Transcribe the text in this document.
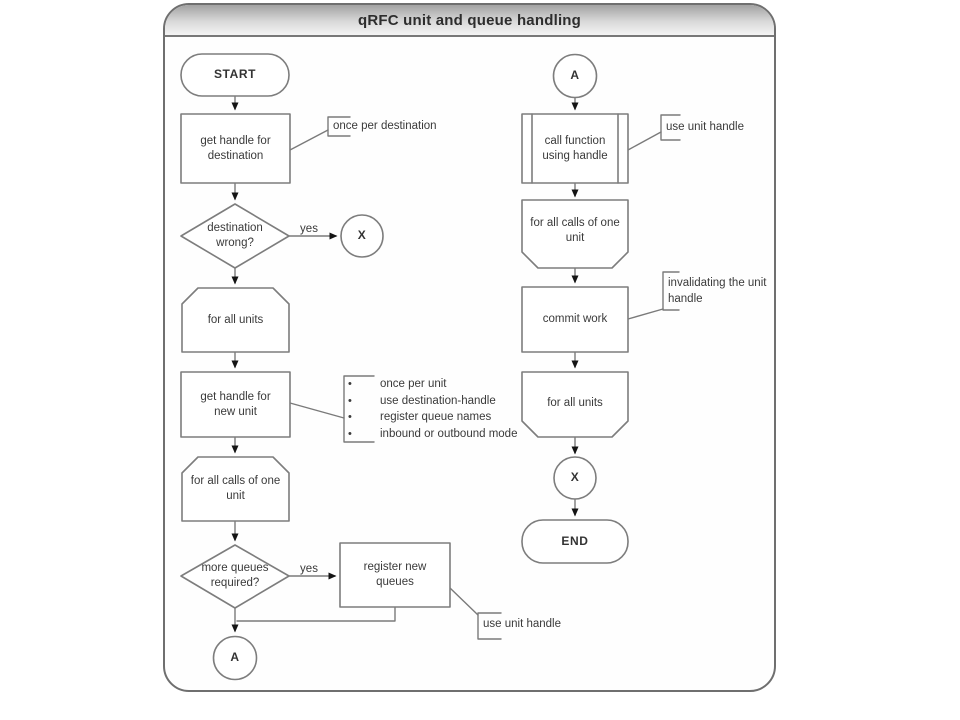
qRFC unit and queue handling
START
get handle for destination
destination wrong?
yes	X
for all units
get handle for new unit
for all calls of one unit
more queues required?
yes	register new queues
A
A
call function using handle
for all calls of one unit
commit work
for all units
X
END
once per destination
• once per unit
• use destination-handle
• register queue names
• inbound or outbound mode
use unit handle
invalidating the unit handle
use unit handle
